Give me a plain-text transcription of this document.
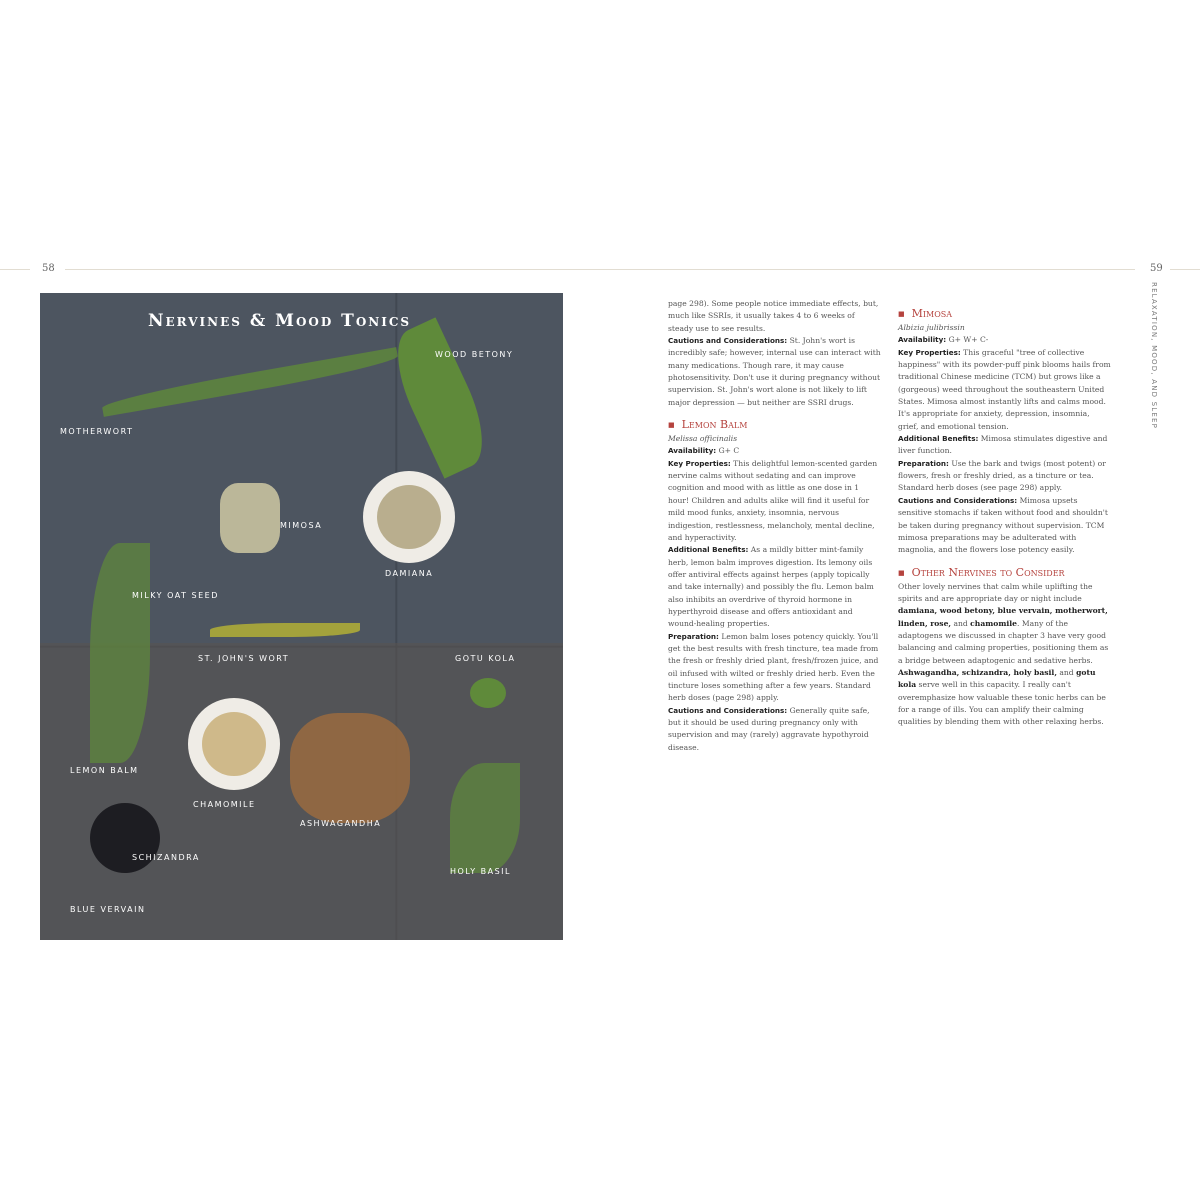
58	59
RELAXATION, MOOD, AND SLEEP
Nervines & Mood Tonics
MOTHERWORT
WOOD BETONY
MILKY OAT SEED
MIMOSA
DAMIANA
ST. JOHN'S WORT	GOTU KOLA
LEMON BALM
CHAMOMILE
ASHWAGANDHA
SCHIZANDRA
BLUE VERVAIN
HOLY BASIL

page 298). Some people notice immediate effects, but, much like SSRIs, it usually takes 4 to 6 weeks of steady use to see results.

Cautions and Considerations: St. John's wort is incredibly safe; however, internal use can interact with many medications. Though rare, it may cause photosensitivity. Don't use it during pregnancy without supervision. St. John's wort alone is not likely to lift major depression — but neither are SSRI drugs.

■ Lemon Balm

Melissa officinalis

Availability: G+ C

Key Properties: This delightful lemon-scented garden nervine calms without sedating and can improve cognition and mood with as little as one dose in 1 hour! Children and adults alike will find it useful for mild mood funks, anxiety, insomnia, nervous indigestion, restlessness, melancholy, mental decline, and hyperactivity.

Additional Benefits: As a mildly bitter mint-family herb, lemon balm improves digestion. Its lemony oils offer antiviral effects against herpes (apply topically and take internally) and possibly the flu. Lemon balm also inhibits an overdrive of thyroid hormone in hyperthyroid disease and offers antioxidant and wound-healing properties.

Preparation: Lemon balm loses potency quickly. You'll get the best results with fresh tincture, tea made from the fresh or freshly dried plant, fresh/frozen juice, and oil infused with wilted or freshly dried herb. Even the tincture loses something after a few years. Standard herb doses (page 298) apply.

Cautions and Considerations: Generally quite safe, but it should be used during pregnancy only with supervision and may (rarely) aggravate hypothyroid disease.

■ Mimosa

Albizia julibrissin

Availability: G+ W+ C-

Key Properties: This graceful "tree of collective happiness" with its powder-puff pink blooms hails from traditional Chinese medicine (TCM) but grows like a (gorgeous) weed throughout the southeastern United States. Mimosa almost instantly lifts and calms mood. It's appropriate for anxiety, depression, insomnia, grief, and emotional tension.

Additional Benefits: Mimosa stimulates digestive and liver function.

Preparation: Use the bark and twigs (most potent) or flowers, fresh or freshly dried, as a tincture or tea. Standard herb doses (see page 298) apply.

Cautions and Considerations: Mimosa upsets sensitive stomachs if taken without food and shouldn't be taken during pregnancy without supervision. TCM mimosa preparations may be adulterated with magnolia, and the flowers lose potency easily.

■ Other Nervines to Consider

Other lovely nervines that calm while uplifting the spirits and are appropriate day or night include damiana, wood betony, blue vervain, motherwort, linden, rose, and chamomile. Many of the adaptogens we discussed in chapter 3 have very good balancing and calming properties, positioning them as a bridge between adaptogenic and sedative herbs. Ashwagandha, schizandra, holy basil, and gotu kola serve well in this capacity. I really can't overemphasize how valuable these tonic herbs can be for a range of ills. You can amplify their calming qualities by blending them with other relaxing herbs.
